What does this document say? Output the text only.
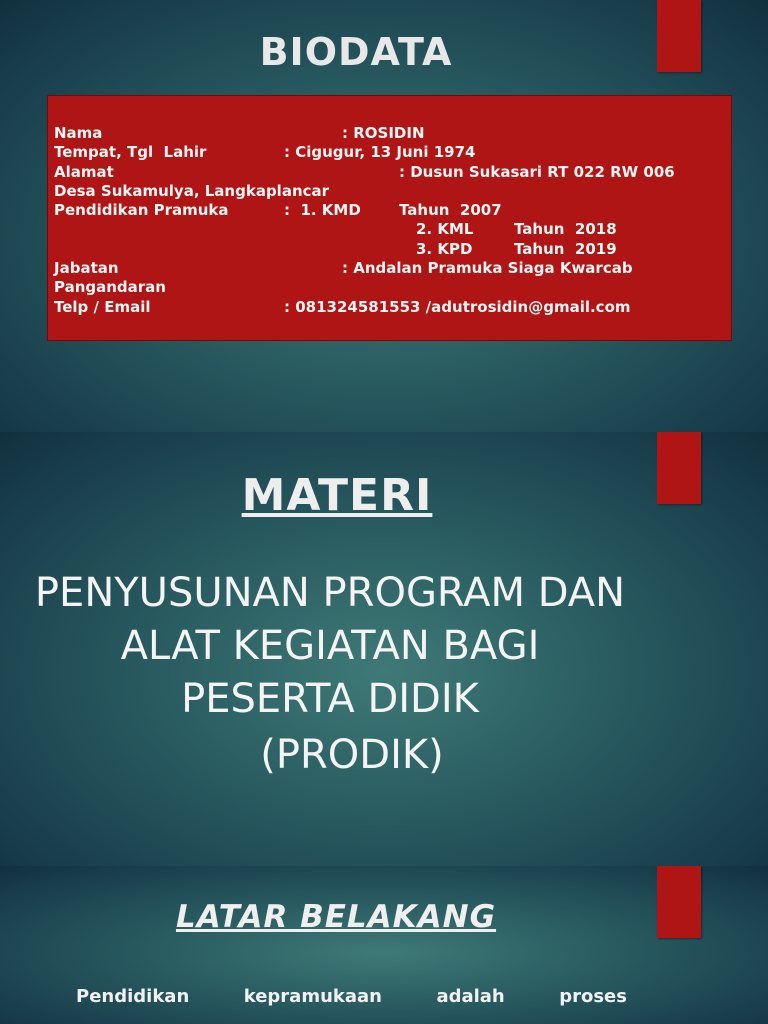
BIODATA

Nama

	: ROSIDIN

Tempat, Tgl  Lahir

	: Cigugur, 13 Juni 1974

Alamat

	: Dusun Sukasari RT 022 RW 006

Desa Sukamulya, Langkaplancar

Pendidikan Pramuka

	:  1. KMD

	Tahun  2007

2. KML

	Tahun  2018

3. KPD

	Tahun  2019

Jabatan

	: Andalan Pramuka Siaga Kwarcab

Pangandaran

Telp / Email

	: 081324581553 /adutrosidin@gmail.com

MATERI
PENYUSUNAN PROGRAM DAN ALAT KEGIATAN BAGI PESERTA DIDIK
(PRODIK)
LATAR BELAKANG
Pendidikan	kepramukaan	adalah	proses
